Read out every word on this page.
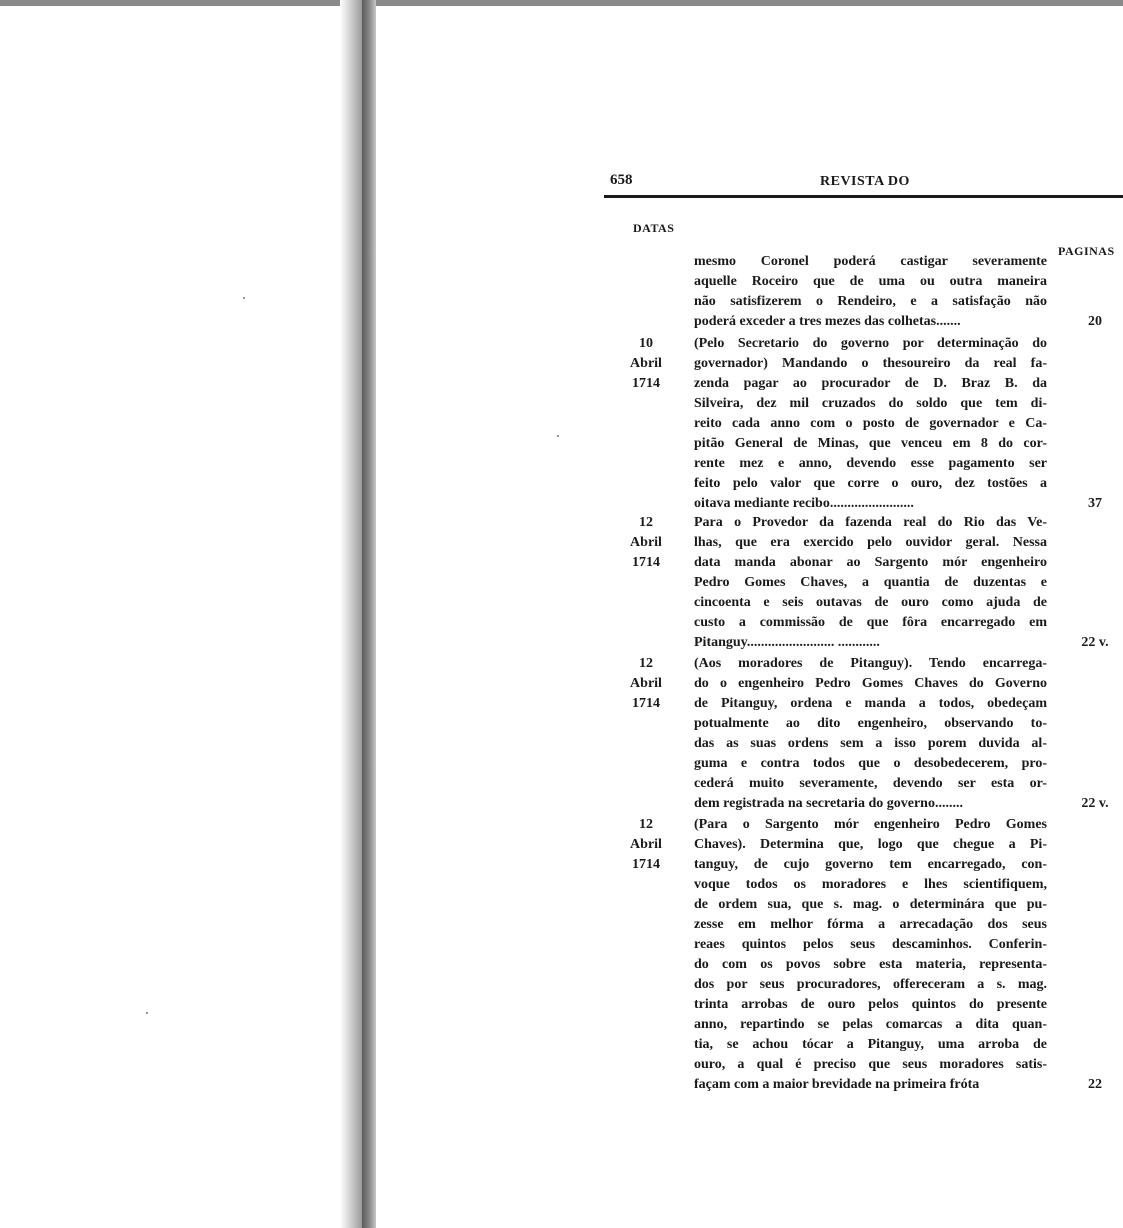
658	REVISTA DO
DATAS
PAGINAS
mesmo Coronel poderá castigar severamente
aquelle Roceiro que de uma ou outra maneira
não satisfizerem o Rendeiro, e a satisfação não
poderá exceder a tres mezes das colhetas.......	20
10
Abril
1714
(Pelo Secretario do governo por determinação do
governador) Mandando o thesoureiro da real fa-
zenda pagar ao procurador de D. Braz B. da
Silveira, dez mil cruzados do soldo que tem di-
reito cada anno com o posto de governador e Ca-
pitão General de Minas, que venceu em 8 do cor-
rente mez e anno, devendo esse pagamento ser
feito pelo valor que corre o ouro, dez tostões a
oitava mediante recibo........................	37
12
Abril
1714
Para o Provedor da fazenda real do Rio das Ve-
lhas, que era exercido pelo ouvidor geral. Nessa
data manda abonar ao Sargento mór engenheiro
Pedro Gomes Chaves, a quantia de duzentas e
cincoenta e seis outavas de ouro como ajuda de
custo a commissão de que fôra encarregado em
Pitanguy......................... ............	22 v.
12
Abril
1714
(Aos moradores de Pitanguy). Tendo encarrega-
do o engenheiro Pedro Gomes Chaves do Governo
de Pitanguy, ordena e manda a todos, obedeçam
potualmente ao dito engenheiro, observando to-
das as suas ordens sem a isso porem duvida al-
guma e contra todos que o desobedecerem, pro-
cederá muito severamente, devendo ser esta or-
dem registrada na secretaria do governo........	22 v.
12
Abril
1714
(Para o Sargento mór engenheiro Pedro Gomes
Chaves). Determina que, logo que chegue a Pi-
tanguy, de cujo governo tem encarregado, con-
voque todos os moradores e lhes scientifiquem,
de ordem sua, que s. mag. o determinára que pu-
zesse em melhor fórma a arrecadação dos seus
reaes quintos pelos seus descaminhos. Conferin-
do com os povos sobre esta materia, representa-
dos por seus procuradores, offereceram a s. mag.
trinta arrobas de ouro pelos quintos do presente
anno, repartindo se pelas comarcas a dita quan-
tia, se achou tócar a Pitanguy, uma arroba de
ouro, a qual é preciso que seus moradores satis-
façam com a maior brevidade na primeira fróta	22
